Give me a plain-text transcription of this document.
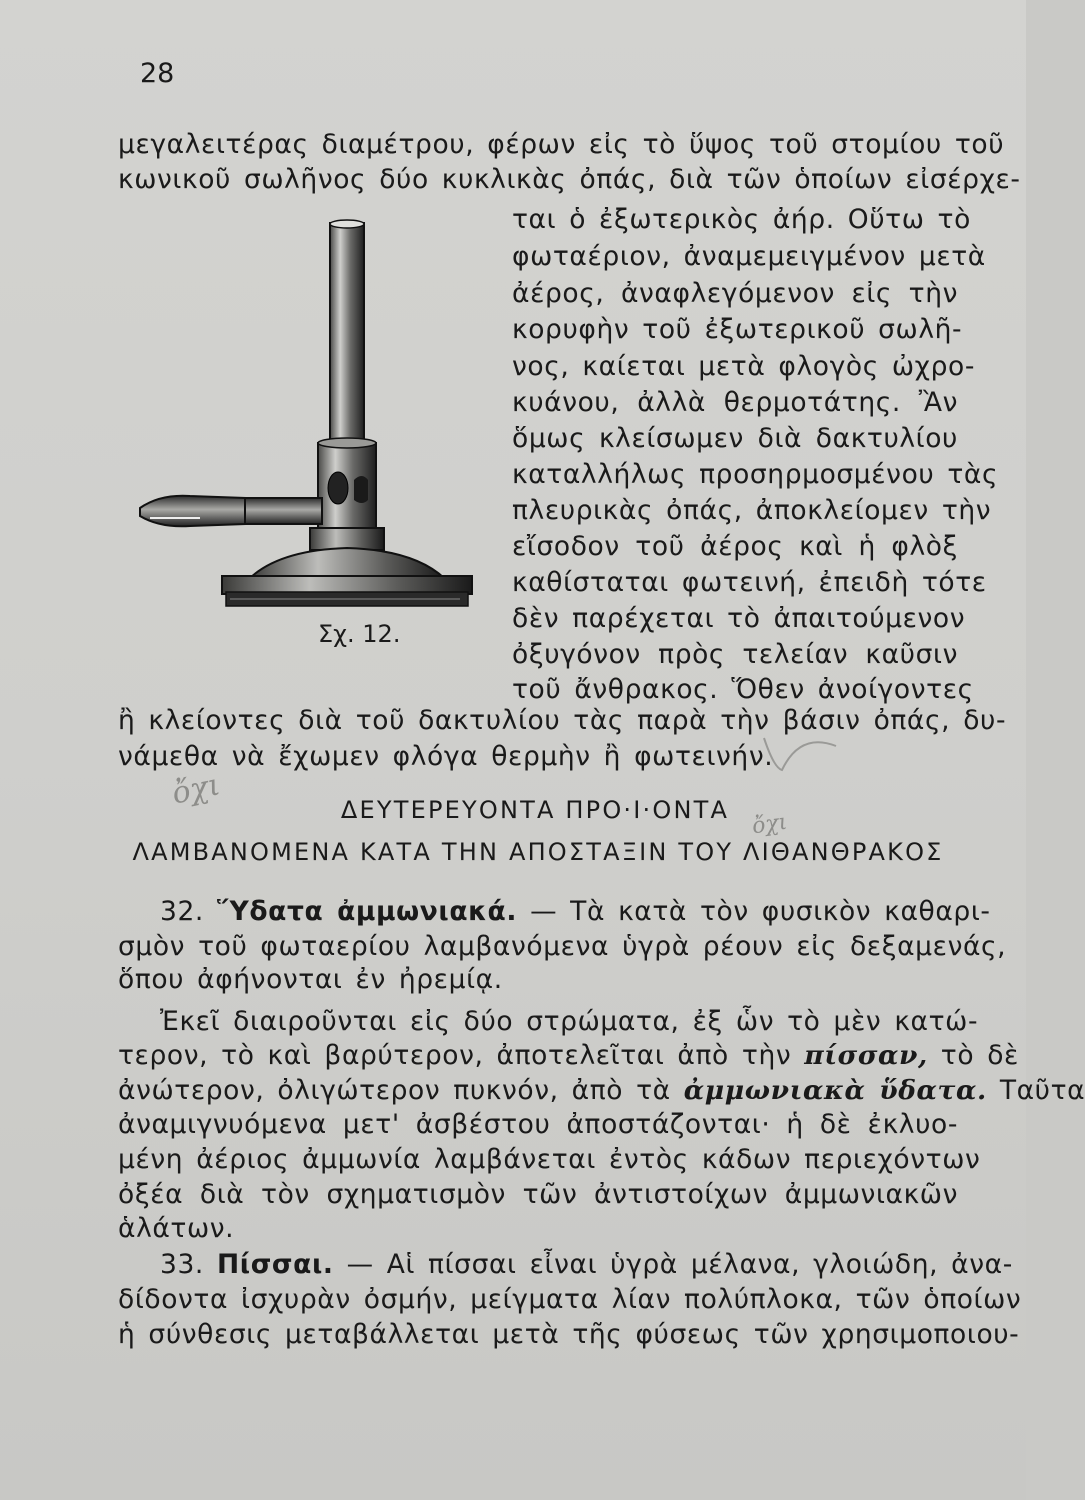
28
μεγαλειτέρας διαμέτρου, φέρων εἰς τὸ ὕψος τοῦ στομίου τοῦ
κωνικοῦ σωλῆνος δύο κυκλικὰς ὀπάς, διὰ τῶν ὁποίων εἰσέρχε-
ται ὁ ἐξωτερικὸς ἀήρ. Οὕτω τὸ
φωταέριον, ἀναμεμειγμένον μετὰ
ἀέρος, ἀναφλεγόμενον εἰς τὴν
κορυφὴν τοῦ ἐξωτερικοῦ σωλῆ-
νος, καίεται μετὰ φλογὸς ὠχρο-
κυάνου, ἀλλὰ θερμοτάτης. Ἂν
ὅμως κλείσωμεν διὰ δακτυλίου
καταλλήλως προσηρμοσμένου τὰς
πλευρικὰς ὀπάς, ἀποκλείομεν τὴν
εἴσοδον τοῦ ἀέρος καὶ ἡ φλὸξ
καθίσταται φωτεινή, ἐπειδὴ τότε
δὲν παρέχεται τὸ ἀπαιτούμενον
ὀξυγόνον πρὸς τελείαν καῦσιν
τοῦ ἄνθρακος. Ὅθεν ἀνοίγοντες
ἢ κλείοντες διὰ τοῦ δακτυλίου τὰς παρὰ τὴν βάσιν ὀπάς, δυ-
νάμεθα νὰ ἔχωμεν φλόγα θερμὴν ἢ φωτεινήν.
Σχ. 12.
ΔΕΥΤΕΡΕΥΟΝΤΑ ΠΡΟ·Ι·ΟΝΤΑ
ΛΑΜΒΑΝΟΜΕΝΑ ΚΑΤΑ ΤΗΝ ΑΠΟΣΤΑΞΙΝ ΤΟΥ ΛΙΘΑΝΘΡΑΚΟΣ
ὄχι
ὄχι
32. Ὕδατα ἀμμωνιακά. — Τὰ κατὰ τὸν φυσικὸν καθαρι-
σμὸν τοῦ φωταερίου λαμβανόμενα ὑγρὰ ρέουν εἰς δεξαμενάς,
ὅπου ἀφήνονται ἐν ἠρεμίᾳ.
Ἐκεῖ διαιροῦνται εἰς δύο στρώματα, ἐξ ὧν τὸ μὲν κατώ-
τερον, τὸ καὶ βαρύτερον, ἀποτελεῖται ἀπὸ τὴν πίσσαν, τὸ δὲ
ἀνώτερον, ὀλιγώτερον πυκνόν, ἀπὸ τὰ ἀμμωνιακὰ ὕδατα. Ταῦτα
ἀναμιγνυόμενα μετ' ἀσβέστου ἀποστάζονται· ἡ δὲ ἐκλυο-
μένη ἀέριος ἀμμωνία λαμβάνεται ἐντὸς κάδων περιεχόντων
ὀξέα διὰ τὸν σχηματισμὸν τῶν ἀντιστοίχων ἀμμωνιακῶν
ἁλάτων.
33. Πίσσαι. — Αἱ πίσσαι εἶναι ὑγρὰ μέλανα, γλοιώδη, ἀνα-
δίδοντα ἰσχυρὰν ὀσμήν, μείγματα λίαν πολύπλοκα, τῶν ὁποίων
ἡ σύνθεσις μεταβάλλεται μετὰ τῆς φύσεως τῶν χρησιμοποιου-
